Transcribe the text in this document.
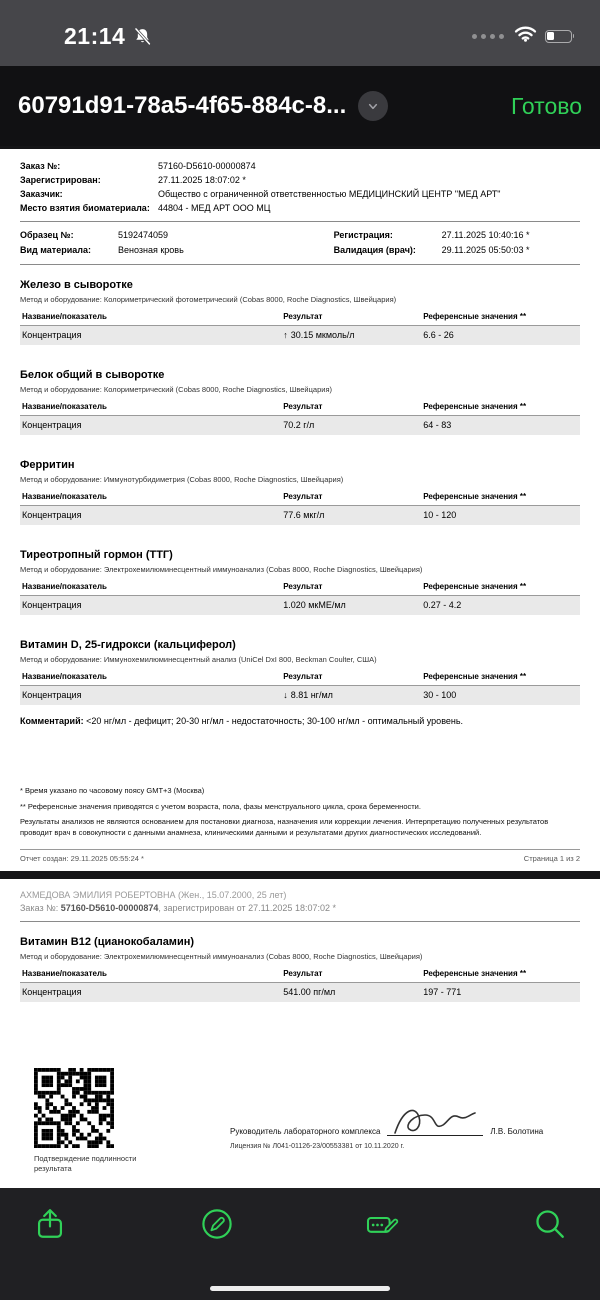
21:14
60791d91-78a5-4f65-884c-8...	Готово
Заказ №:	57160-D5610-00000874
Зарегистрирован:	27.11.2025 18:07:02 *
Заказчик:	Общество с ограниченной ответственностью МЕДИЦИНСКИЙ ЦЕНТР "МЕД АРТ"
Место взятия биоматериала: 44804 - МЕД АРТ ООО МЦ
Образец №:	5192474059
Вид материала:	Венозная кровь
Регистрация:	27.11.2025 10:40:16 *
Валидация (врач):	29.11.2025 05:50:03 *
Железо в сыворотке

Метод и оборудование: Колориметрический фотометрический (Cobas 8000, Roche Diagnostics, Швейцария)

Название/показатель	Результат	Референсные значения **
Концентрация	↑ 30.15 мкмоль/л	6.6 - 26
Белок общий в сыворотке

Метод и оборудование: Колориметрический (Cobas 8000, Roche Diagnostics, Швейцария)

Название/показатель	Результат	Референсные значения **
Концентрация	70.2 г/л	64 - 83
Ферритин

Метод и оборудование: Иммунотурбидиметрия (Cobas 8000, Roche Diagnostics, Швейцария)

Название/показатель	Результат	Референсные значения **
Концентрация	77.6 мкг/л	10 - 120
Тиреотропный гормон (ТТГ)

Метод и оборудование: Электрохемилюминесцентный иммуноанализ (Cobas 8000, Roche Diagnostics, Швейцария)

Название/показатель	Результат	Референсные значения **
Концентрация	1.020 мкМЕ/мл	0.27 - 4.2
Витамин D, 25-гидрокси (кальциферол)

Метод и оборудование: Иммунохемилюминесцентный анализ (UniCel DxI 800, Beckman Coulter, США)

Название/показатель	Результат	Референсные значения **
Концентрация	↓ 8.81 нг/мл	30 - 100

Комментарий: <20 нг/мл - дефицит; 20-30 нг/мл - недостаточность; 30-100 нг/мл - оптимальный уровень.

* Время указано по часовому поясу GMT+3 (Москва)

** Референсные значения приводятся с учетом возраста, пола, фазы менструального цикла, срока беременности.

Результаты анализов не являются основанием для постановки диагноза, назначения или коррекции лечения. Интерпретацию полученных результатов проводит врач в совокупности с данными анамнеза, клиническими данными и результатами других диагностических исследований.

Отчет создан: 29.11.2025 05:55:24 *	Страница 1 из 2

АХМЕДОВА ЭМИЛИЯ РОБЕРТОВНА (Жен., 15.07.2000, 25 лет)

Заказ №: 57160-D5610-00000874, зарегистрирован от 27.11.2025 18:07:02 *

Витамин B12 (цианокобаламин)

Метод и оборудование: Электрохемилюминесцентный иммуноанализ (Cobas 8000, Roche Diagnostics, Швейцария)

Название/показатель	Результат	Референсные значения **
Концентрация	541.00 пг/мл	197 - 771

Подтверждение подлинности результата

Руководитель лабораторного комплекса	Л.В. Болотина

Лицензия № Л041-01126-23/00553381 от 10.11.2020 г.
